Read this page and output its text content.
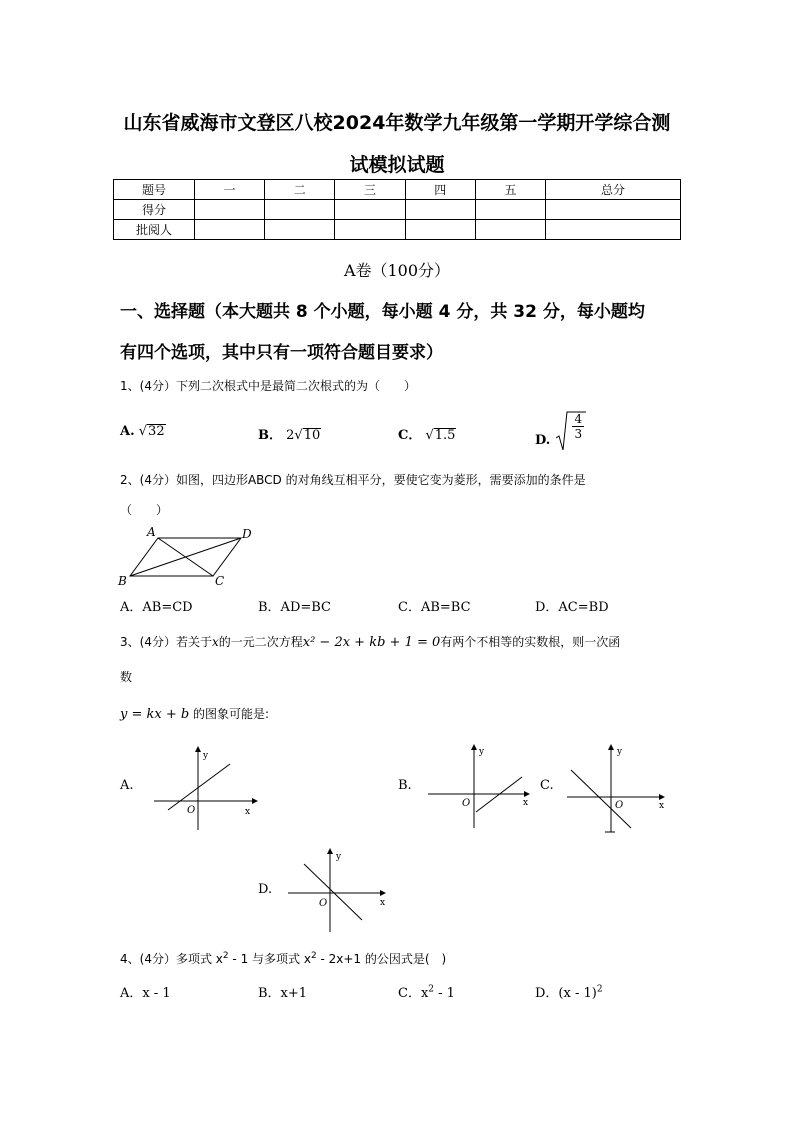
山东省威海市文登区八校2024年数学九年级第一学期开学综合测
试模拟试题
题号	一	二	三	四	五	总分
得分						
批阅人						
A卷（100分）
一、选择题（本大题共 8 个小题，每小题 4 分，共 32 分，每小题均
有四个选项，其中只有一项符合题目要求）
1、(4分）下列二次根式中是最简二次根式的为（　　）
A. √32	B． 2√10	C． √1.5	D. $\frac{4}{3}$
2、(4分）如图，四边形ABCD 的对角线互相平分，要使它变为菱形，需要添加的条件是
（　　）
A	D
B	C
A．AB=CD	B．AD=BC	C．AB=BC	D．AC=BD
3、(4分）若关于x的一元二次方程x² − 2x + kb + 1 = 0有两个不相等的实数根，则一次函
数
y = kx + b 的图象可能是:
A.
y
x
O
B.
y
x
O
C.
y
x
O
D.
y
x
O
4、(4分）多项式 $x^2 - 1$ 与多项式 $x^2 - 2x+1$ 的公因式是(　)
A．x - 1	B．x+1	C．$x^2 - 1$	D．(x - 1)$^2$
